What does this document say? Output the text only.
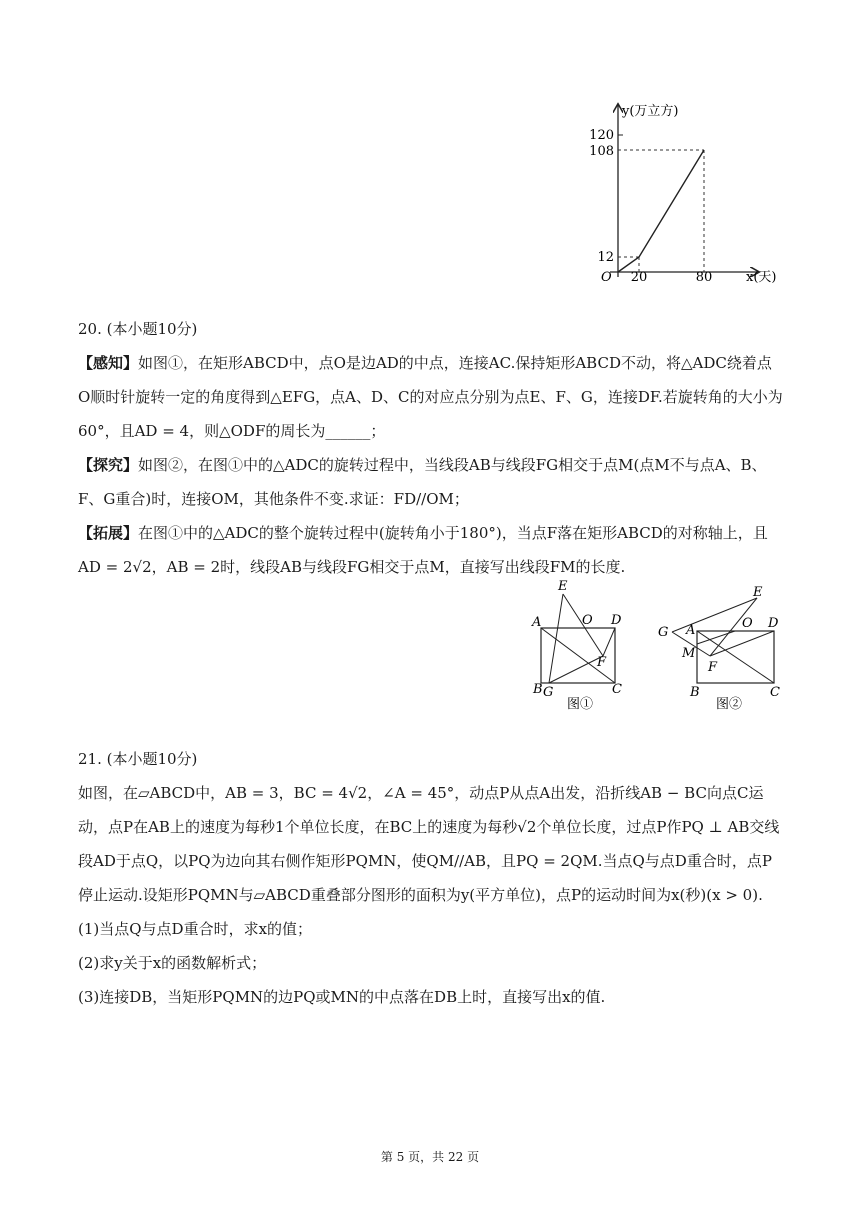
y(万立方)
120
108
12
O 20	80	x(天)
20. (本小题10分)

【感知】如图①，在矩形ABCD中，点O是边AD的中点，连接AC.保持矩形ABCD不动，将△ADC绕着点O顺时针旋转一定的角度得到△EFG，点A、D、C的对应点分别为点E、F、G，连接DF.若旋转角的大小为60°，且AD = 4，则△ODF的周长为______；

【探究】如图②，在图①中的△ADC的旋转过程中，当线段AB与线段FG相交于点M(点M不与点A、B、F、G重合)时，连接OM，其他条件不变.求证：FD//OM；

【拓展】在图①中的△ADC的整个旋转过程中(旋转角小于180°)，当点F落在矩形ABCD的对称轴上，且AD = 2√2，AB = 2时，线段AB与线段FG相交于点M，直接写出线段FM的长度.

E
A	O D
F
B G	C
图①
E
G A	O D
M
F
B	C
图②
21. (本小题10分)

如图，在▱ABCD中，AB = 3，BC = 4√2，∠A = 45°，动点P从点A出发，沿折线AB − BC向点C运动，点P在AB上的速度为每秒1个单位长度，在BC上的速度为每秒√2个单位长度，过点P作PQ ⊥ AB交线段AD于点Q，以PQ为边向其右侧作矩形PQMN，使QM//AB，且PQ = 2QM.当点Q与点D重合时，点P停止运动.设矩形PQMN与▱ABCD重叠部分图形的面积为y(平方单位)，点P的运动时间为x(秒)(x > 0).

(1)当点Q与点D重合时，求x的值；

(2)求y关于x的函数解析式；

(3)连接DB，当矩形PQMN的边PQ或MN的中点落在DB上时，直接写出x的值.

第 5 页，共 22 页
